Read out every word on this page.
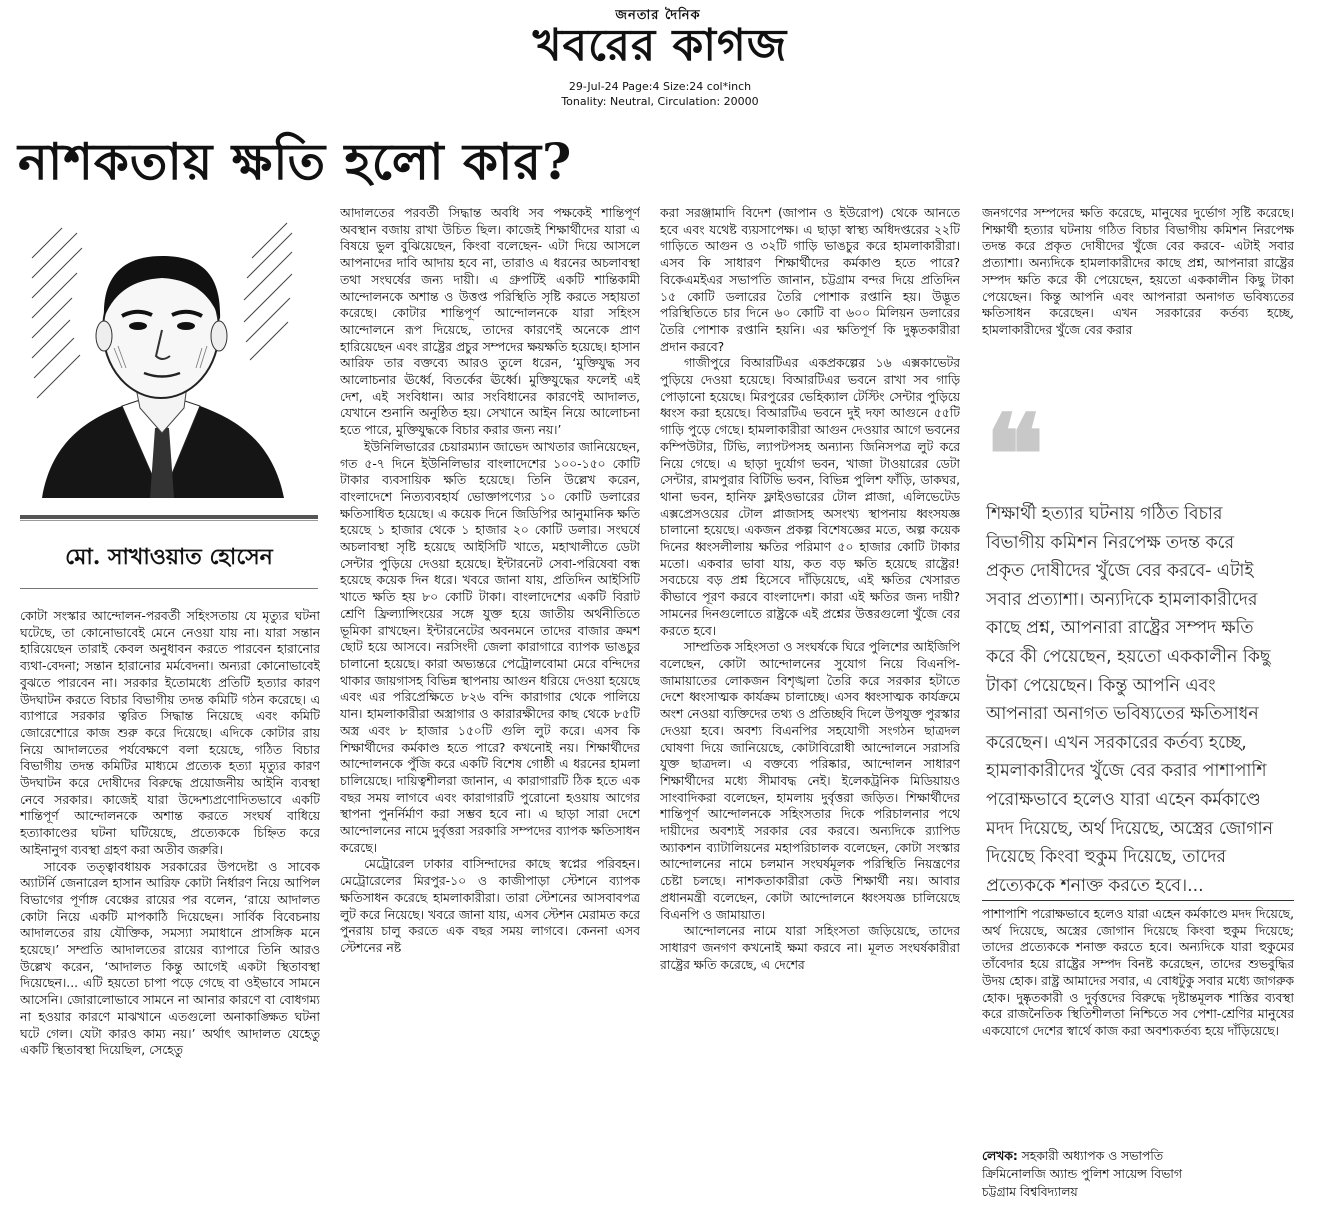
জনতার দৈনিক
খবরের কাগজ
29-Jul-24 Page:4 Size:24 col*inch
Tonality: Neutral, Circulation: 20000
নাশকতায় ক্ষতি হলো কার?
মো. সাখাওয়াত হোসেন

কোটা সংস্কার আন্দোলন-পরবর্তী সহিংসতায় যে মৃত্যুর ঘটনা ঘটেছে, তা কোনোভাবেই মেনে নেওয়া যায় না। যারা সন্তান হারিয়েছেন তারাই কেবল অনুধাবন করতে পারবেন হারানোর ব্যথা-বেদনা; সন্তান হারানোর মর্মবেদনা। অন্যরা কোনোভাবেই বুঝতে পারবেন না। সরকার ইতোমধ্যে প্রতিটি হত্যার কারণ উদঘাটন করতে বিচার বিভাগীয় তদন্ত কমিটি গঠন করেছে। এ ব্যাপারে সরকার ত্বরিত সিদ্ধান্ত নিয়েছে এবং কমিটি জোরেশোরে কাজ শুরু করে দিয়েছে। এদিকে কোটার রায় নিয়ে আদালতের পর্যবেক্ষণে বলা হয়েছে, গঠিত বিচার বিভাগীয় তদন্ত কমিটির মাধ্যমে প্রত্যেক হত্যা মৃত্যুর কারণ উদঘাটন করে দোষীদের বিরুদ্ধে প্রয়োজনীয় আইনি ব্যবস্থা নেবে সরকার। কাজেই যারা উদ্দেশ্যপ্রণোদিতভাবে একটি শান্তিপূর্ণ আন্দোলনকে অশান্ত করতে সংঘর্ষ বাধিয়ে হত্যাকাণ্ডের ঘটনা ঘটিয়েছে, প্রত্যেককে চিহ্নিত করে আইনানুগ ব্যবস্থা গ্রহণ করা অতীব জরুরি।

সাবেক তত্ত্বাবধায়ক সরকারের উপদেষ্টা ও সাবেক অ্যাটর্নি জেনারেল হাসান আরিফ কোটা নির্ধারণ নিয়ে আপিল বিভাগের পূর্ণাঙ্গ বেঞ্চের রায়ের পর বলেন, ‘রায়ে আদালত কোটা নিয়ে একটি মাপকাঠি দিয়েছেন। সার্বিক বিবেচনায় আদালতের রায় যৌক্তিক, সমস্যা সমাধানে প্রাসঙ্গিক মনে হয়েছে।’ সম্প্রতি আদালতের রায়ের ব্যাপারে তিনি আরও উল্লেখ করেন, ‘আদালত কিন্তু আগেই একটা স্থিতাবস্থা দিয়েছেন।... এটি হয়তো চাপা পড়ে গেছে বা ওইভাবে সামনে আসেনি। জোরালোভাবে সামনে না আনার কারণে বা বোধগম্য না হওয়ার কারণে মাঝখানে এতগুলো অনাকাঙ্ক্ষিত ঘটনা ঘটে গেল। যেটা কারও কাম্য নয়।’ অর্থাৎ আদালত যেহেতু একটি স্থিতাবস্থা দিয়েছিল, সেহেতু

আদালতের পরবর্তী সিদ্ধান্ত অবধি সব পক্ষকেই শান্তিপূর্ণ অবস্থান বজায় রাখা উচিত ছিল। কাজেই শিক্ষার্থীদের যারা এ বিষয়ে ভুল বুঝিয়েছেন, কিংবা বলেছেন- এটা দিয়ে আসলে আপনাদের দাবি আদায় হবে না, তারাও এ ধরনের অচলাবস্থা তথা সংঘর্ষের জন্য দায়ী। এ গ্রুপটিই একটি শান্তিকামী আন্দোলনকে অশান্ত ও উত্তপ্ত পরিস্থিতি সৃষ্টি করতে সহায়তা করেছে। কোটার শান্তিপূর্ণ আন্দোলনকে যারা সহিংস আন্দোলনে রূপ দিয়েছে, তাদের কারণেই অনেকে প্রাণ হারিয়েছেন এবং রাষ্ট্রের প্রচুর সম্পদের ক্ষয়ক্ষতি হয়েছে। হাসান আরিফ তার বক্তব্যে আরও তুলে ধরেন, ‘মুক্তিযুদ্ধ সব আলোচনার ঊর্ধ্বে, বিতর্কের ঊর্ধ্বে। মুক্তিযুদ্ধের ফলেই এই দেশ, এই সংবিধান। আর সংবিধানের কারণেই আদালত, যেখানে শুনানি অনুষ্ঠিত হয়। সেখানে আইন নিয়ে আলোচনা হতে পারে, মুক্তিযুদ্ধকে বিচার করার জন্য নয়।’

ইউনিলিভারের চেয়ারম্যান জাভেদ আখতার জানিয়েছেন, গত ৫-৭ দিনে ইউনিলিভার বাংলাদেশের ১০০-১৫০ কোটি টাকার ব্যবসায়িক ক্ষতি হয়েছে। তিনি উল্লেখ করেন, বাংলাদেশে নিত্যব্যবহার্য ভোক্তাপণ্যের ১০ কোটি ডলারের ক্ষতিসাধিত হয়েছে। এ কয়েক দিনে জিডিপির আনুমানিক ক্ষতি হয়েছে ১ হাজার থেকে ১ হাজার ২০ কোটি ডলার। সংঘর্ষে অচলাবস্থা সৃষ্টি হয়েছে আইসিটি খাতে, মহাখালীতে ডেটা সেন্টার পুড়িয়ে দেওয়া হয়েছে। ইন্টারনেট সেবা-পরিষেবা বন্ধ হয়েছে কয়েক দিন ধরে। খবরে জানা যায়, প্রতিদিন আইসিটি খাতে ক্ষতি হয় ৮০ কোটি টাকা। বাংলাদেশের একটি বিরাট শ্রেণি ফ্রিল্যান্সিংয়ের সঙ্গে যুক্ত হয়ে জাতীয় অর্থনীতিতে ভূমিকা রাখছেন। ইন্টারনেটের অবনমনে তাদের বাজার ক্রমশ ছোট হয়ে আসবে। নরসিংদী জেলা কারাগারে ব্যাপক ভাঙচুর চালানো হয়েছে। কারা অভ্যন্তরে পেট্রোলবোমা মেরে বন্দিদের থাকার জায়গাসহ বিভিন্ন স্থাপনায় আগুন ধরিয়ে দেওয়া হয়েছে এবং এর পরিপ্রেক্ষিতে ৮২৬ বন্দি কারাগার থেকে পালিয়ে যান। হামলাকারীরা অস্ত্রাগার ও কারারক্ষীদের কাছ থেকে ৮৫টি অস্ত্র এবং ৮ হাজার ১৫০টি গুলি লুট করে। এসব কি শিক্ষার্থীদের কর্মকাণ্ড হতে পারে? কখনোই নয়। শিক্ষার্থীদের আন্দোলনকে পুঁজি করে একটি বিশেষ গোষ্ঠী এ ধরনের হামলা চালিয়েছে। দায়িত্বশীলরা জানান, এ কারাগারটি ঠিক হতে এক বছর সময় লাগবে এবং কারাগারটি পুরোনো হওয়ায় আগের স্থাপনা পুনর্নির্মাণ করা সম্ভব হবে না। এ ছাড়া সারা দেশে আন্দোলনের নামে দুর্বৃত্তরা সরকারি সম্পদের ব্যাপক ক্ষতিসাধন করেছে।

মেট্রোরেল ঢাকার বাসিন্দাদের কাছে স্বপ্নের পরিবহন। মেট্রোরেলের মিরপুর-১০ ও কাজীপাড়া স্টেশনে ব্যাপক ক্ষতিসাধন করেছে হামলাকারীরা। তারা স্টেশনের আসবাবপত্র লুট করে নিয়েছে। খবরে জানা যায়, এসব স্টেশন মেরামত করে পুনরায় চালু করতে এক বছর সময় লাগবে। কেননা এসব স্টেশনের নষ্ট

করা সরঞ্জামাদি বিদেশ (জাপান ও ইউরোপ) থেকে আনতে হবে এবং যথেষ্ট ব্যয়সাপেক্ষ। এ ছাড়া স্বাস্থ্য অধিদপ্তরের ২২টি গাড়িতে আগুন ও ৩২টি গাড়ি ভাঙচুর করে হামলাকারীরা। এসব কি সাধারণ শিক্ষার্থীদের কর্মকাণ্ড হতে পারে? বিকেএমইএর সভাপতি জানান, চট্টগ্রাম বন্দর দিয়ে প্রতিদিন ১৫ কোটি ডলারের তৈরি পোশাক রপ্তানি হয়। উদ্ভূত পরিস্থিতিতে চার দিনে ৬০ কোটি বা ৬০০ মিলিয়ন ডলারের তৈরি পোশাক রপ্তানি হয়নি। এর ক্ষতিপূর্ণ কি দুষ্কৃতকারীরা প্রদান করবে?

গাজীপুরে বিআরটিএর একপ্রকল্পের ১৬ এক্সকাভেটর পুড়িয়ে দেওয়া হয়েছে। বিআরটিএর ভবনে রাখা সব গাড়ি পোড়ানো হয়েছে। মিরপুরের ভেহিক্যাল টেস্টিং সেন্টার পুড়িয়ে ধ্বংস করা হয়েছে। বিআরটিএ ভবনে দুই দফা আগুনে ৫৫টি গাড়ি পুড়ে গেছে। হামলাকারীরা আগুন দেওয়ার আগে ভবনের কম্পিউটার, টিভি, ল্যাপটপসহ অন্যান্য জিনিসপত্র লুট করে নিয়ে গেছে। এ ছাড়া দুর্যোগ ভবন, খাজা টাওয়ারের ডেটা সেন্টার, রামপুরার বিটিভি ভবন, বিভিন্ন পুলিশ ফাঁড়ি, ডাকঘর, থানা ভবন, হানিফ ফ্লাইওভারের টোল প্লাজা, এলিভেটেড এক্সপ্রেসওয়ের টোল প্লাজাসহ অসংখ্য স্থাপনায় ধ্বংসযজ্ঞ চালানো হয়েছে। একজন প্রকল্প বিশেষজ্ঞের মতে, অল্প কয়েক দিনের ধ্বংসলীলায় ক্ষতির পরিমাণ ৫০ হাজার কোটি টাকার মতো। একবার ভাবা যায়, কত বড় ক্ষতি হয়েছে রাষ্ট্রের! সবচেয়ে বড় প্রশ্ন হিসেবে দাঁড়িয়েছে, এই ক্ষতির খেসারত কীভাবে পূরণ করবে বাংলাদেশ। কারা এই ক্ষতির জন্য দায়ী? সামনের দিনগুলোতে রাষ্ট্রকে এই প্রশ্নের উত্তরগুলো খুঁজে বের করতে হবে।

সাম্প্রতিক সহিংসতা ও সংঘর্ষকে ঘিরে পুলিশের আইজিপি বলেছেন, কোটা আন্দোলনের সুযোগ নিয়ে বিএনপি-জামায়াতের লোকজন বিশৃঙ্খলা তৈরি করে সরকার হটাতে দেশে ধ্বংসাত্মক কার্যক্রম চালাচ্ছে। এসব ধ্বংসাত্মক কার্যক্রমে অংশ নেওয়া ব্যক্তিদের তথ্য ও প্রতিচ্ছবি দিলে উপযুক্ত পুরস্কার দেওয়া হবে। অবশ্য বিএনপির সহযোগী সংগঠন ছাত্রদল ঘোষণা দিয়ে জানিয়েছে, কোটাবিরোধী আন্দোলনে সরাসরি যুক্ত ছাত্রদল। এ বক্তব্যে পরিষ্কার, আন্দোলন সাধারণ শিক্ষার্থীদের মধ্যে সীমাবদ্ধ নেই। ইলেকট্রনিক মিডিয়ায়ও সাংবাদিকরা বলেছেন, হামলায় দুর্বৃত্তরা জড়িত। শিক্ষার্থীদের শান্তিপূর্ণ আন্দোলনকে সহিংসতার দিকে পরিচালনার পথে দায়ীদের অবশ্যই সরকার বের করবে। অন্যদিকে র‍্যাপিড অ্যাকশন ব্যাটালিয়নের মহাপরিচালক বলেছেন, কোটা সংস্কার আন্দোলনের নামে চলমান সংঘর্ষমূলক পরিস্থিতি নিয়ন্ত্রণের চেষ্টা চলছে। নাশকতাকারীরা কেউ শিক্ষার্থী নয়। আবার প্রধানমন্ত্রী বলেছেন, কোটা আন্দোলনে ধ্বংসযজ্ঞ চালিয়েছে বিএনপি ও জামায়াত।

আন্দোলনের নামে যারা সহিংসতা জড়িয়েছে, তাদের সাধারণ জনগণ কখনোই ক্ষমা করবে না। মূলত সংঘর্ষকারীরা রাষ্ট্রের ক্ষতি করেছে, এ দেশের

জনগণের সম্পদের ক্ষতি করেছে, মানুষের দুর্ভোগ সৃষ্টি করেছে। শিক্ষার্থী হত্যার ঘটনায় গঠিত বিচার বিভাগীয় কমিশন নিরপেক্ষ তদন্ত করে প্রকৃত দোষীদের খুঁজে বের করবে- এটাই সবার প্রত্যাশা। অন্যদিকে হামলাকারীদের কাছে প্রশ্ন, আপনারা রাষ্ট্রের সম্পদ ক্ষতি করে কী পেয়েছেন, হয়তো এককালীন কিছু টাকা পেয়েছেন। কিন্তু আপনি এবং আপনারা অনাগত ভবিষ্যতের ক্ষতিসাধন করেছেন। এখন সরকারের কর্তব্য হচ্ছে, হামলাকারীদের খুঁজে বের করার

❝
শিক্ষার্থী হত্যার ঘটনায় গঠিত বিচার বিভাগীয় কমিশন নিরপেক্ষ তদন্ত করে প্রকৃত দোষীদের খুঁজে বের করবে- এটাই সবার প্রত্যাশা। অন্যদিকে হামলাকারীদের কাছে প্রশ্ন, আপনারা রাষ্ট্রের সম্পদ ক্ষতি করে কী পেয়েছেন, হয়তো এককালীন কিছু টাকা পেয়েছেন। কিন্তু আপনি এবং আপনারা অনাগত ভবিষ্যতের ক্ষতিসাধন করেছেন। এখন সরকারের কর্তব্য হচ্ছে, হামলাকারীদের খুঁজে বের করার পাশাপাশি পরোক্ষভাবে হলেও যারা এহেন কর্মকাণ্ডে মদদ দিয়েছে, অর্থ দিয়েছে, অস্ত্রের জোগান দিয়েছে কিংবা হুকুম দিয়েছে, তাদের প্রত্যেককে শনাক্ত করতে হবে।...

পাশাপাশি পরোক্ষভাবে হলেও যারা এহেন কর্মকাণ্ডে মদদ দিয়েছে, অর্থ দিয়েছে, অস্ত্রের জোগান দিয়েছে কিংবা হুকুম দিয়েছে; তাদের প্রত্যেককে শনাক্ত করতে হবে। অন্যদিকে যারা হুকুমের তাঁবেদার হয়ে রাষ্ট্রের সম্পদ বিনষ্ট করেছেন, তাদের শুভবুদ্ধির উদয় হোক। রাষ্ট্র আমাদের সবার, এ বোধটুকু সবার মধ্যে জাগরুক হোক। দুষ্কৃতকারী ও দুর্বৃত্তদের বিরুদ্ধে দৃষ্টান্তমূলক শাস্তির ব্যবস্থা করে রাজনৈতিক স্থিতিশীলতা নিশ্চিতে সব পেশা-শ্রেণির মানুষের একযোগে দেশের স্বার্থে কাজ করা অবশ্যকর্তব্য হয়ে দাঁড়িয়েছে।

লেখক: সহকারী অধ্যাপক ও সভাপতি
ক্রিমিনোলজি অ্যান্ড পুলিশ সায়েন্স বিভাগ
চট্টগ্রাম বিশ্ববিদ্যালয়
